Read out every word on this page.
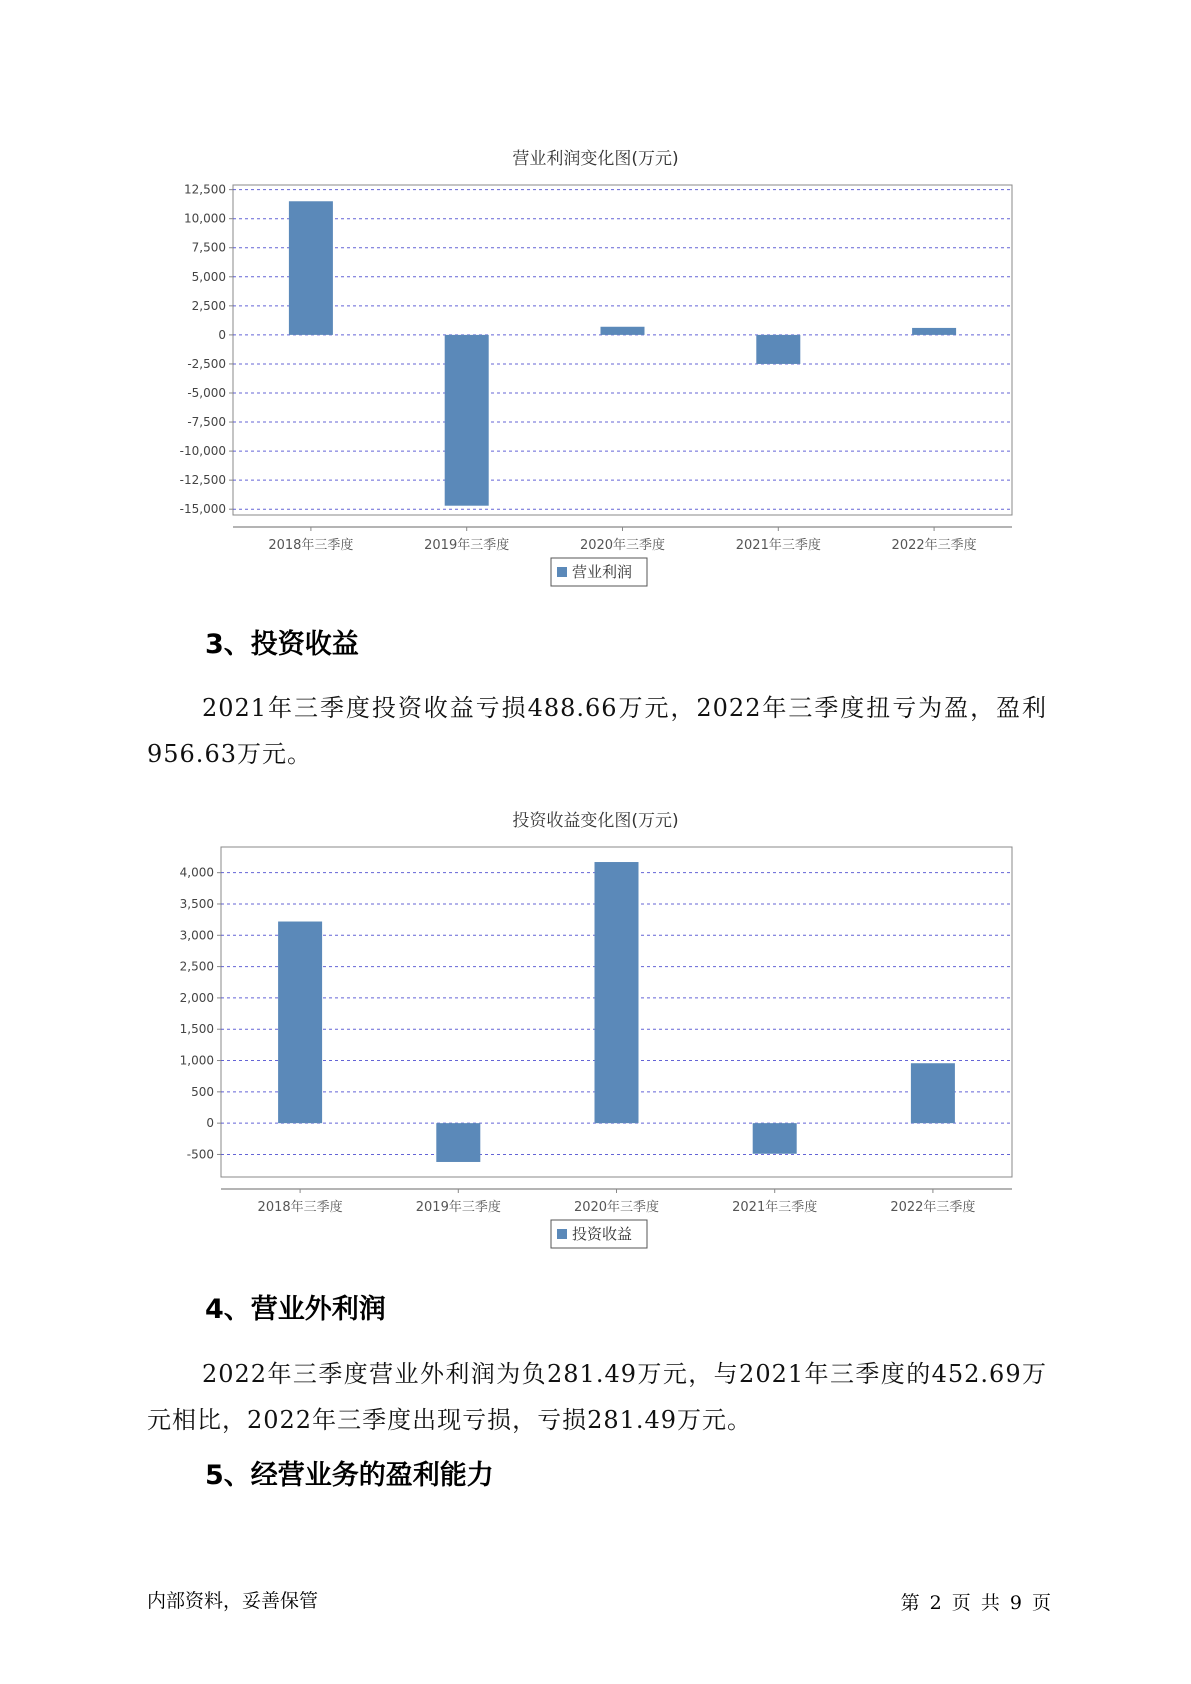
营业利润变化图(万元)
12,500
10,000
7,500
5,000
2,500
0
-2,500
-5,000
-7,500
-10,000
-12,500
-15,000
2018年三季度	2019年三季度	2020年三季度	2021年三季度	2022年三季度
营业利润
3、投资收益

2021年三季度投资收益亏损488.66万元，2022年三季度扭亏为盈，盈利956.63万元。

投资收益变化图(万元)
4,000
3,500
3,000
2,500
2,000
1,500
1,000
500
0
-500
2018年三季度	2019年三季度	2020年三季度	2021年三季度	2022年三季度
投资收益
4、营业外利润

2022年三季度营业外利润为负281.49万元，与2021年三季度的452.69万元相比，2022年三季度出现亏损，亏损281.49万元。

5、经营业务的盈利能力
内部资料，妥善保管	第 2 页 共 9 页
